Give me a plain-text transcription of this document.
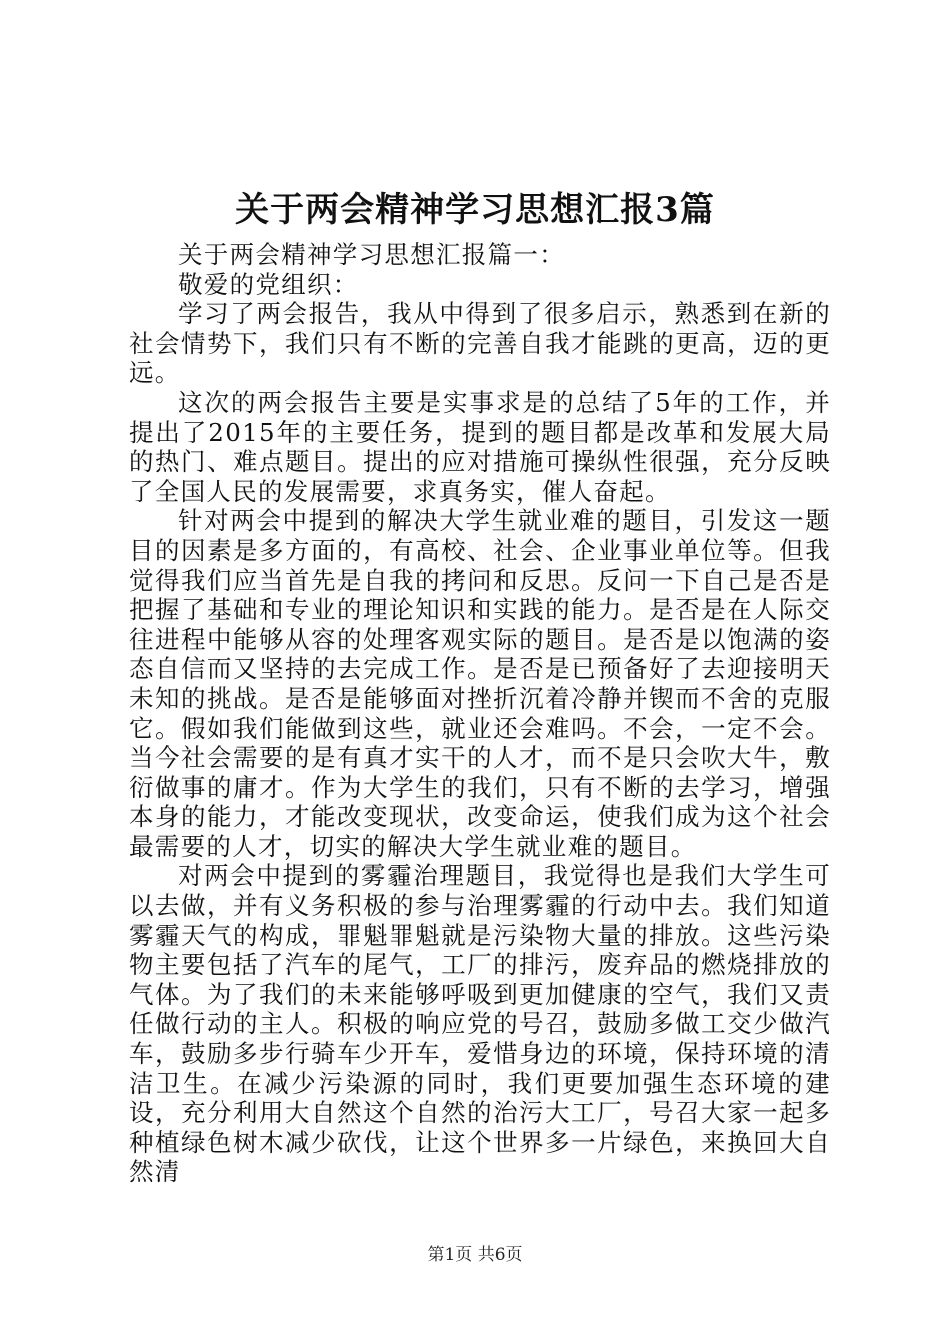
关于两会精神学习思想汇报3篇

关于两会精神学习思想汇报篇一：

敬爱的党组织：

学习了两会报告，我从中得到了很多启示，熟悉到在新的社会情势下，我们只有不断的完善自我才能跳的更高，迈的更远。

这次的两会报告主要是实事求是的总结了5年的工作，并提出了2015年的主要任务，提到的题目都是改革和发展大局的热门、难点题目。提出的应对措施可操纵性很强，充分反映了全国人民的发展需要，求真务实，催人奋起。

针对两会中提到的解决大学生就业难的题目，引发这一题目的因素是多方面的，有高校、社会、企业事业单位等。但我觉得我们应当首先是自我的拷问和反思。反问一下自己是否是把握了基础和专业的理论知识和实践的能力。是否是在人际交往进程中能够从容的处理客观实际的题目。是否是以饱满的姿态自信而又坚持的去完成工作。是否是已预备好了去迎接明天未知的挑战。是否是能够面对挫折沉着冷静并锲而不舍的克服它。假如我们能做到这些，就业还会难吗。不会，一定不会。当今社会需要的是有真才实干的人才，而不是只会吹大牛，敷衍做事的庸才。作为大学生的我们，只有不断的去学习，增强本身的能力，才能改变现状，改变命运，使我们成为这个社会最需要的人才，切实的解决大学生就业难的题目。

对两会中提到的雾霾治理题目，我觉得也是我们大学生可以去做，并有义务积极的参与治理雾霾的行动中去。我们知道雾霾天气的构成，罪魁罪魁就是污染物大量的排放。这些污染物主要包括了汽车的尾气，工厂的排污，废弃品的燃烧排放的气体。为了我们的未来能够呼吸到更加健康的空气，我们又责任做行动的主人。积极的响应党的号召，鼓励多做工交少做汽车，鼓励多步行骑车少开车，爱惜身边的环境，保持环境的清洁卫生。在减少污染源的同时，我们更要加强生态环境的建设，充分利用大自然这个自然的治污大工厂，号召大家一起多种植绿色树木减少砍伐，让这个世界多一片绿色，来换回大自然清

第1页 共6页
